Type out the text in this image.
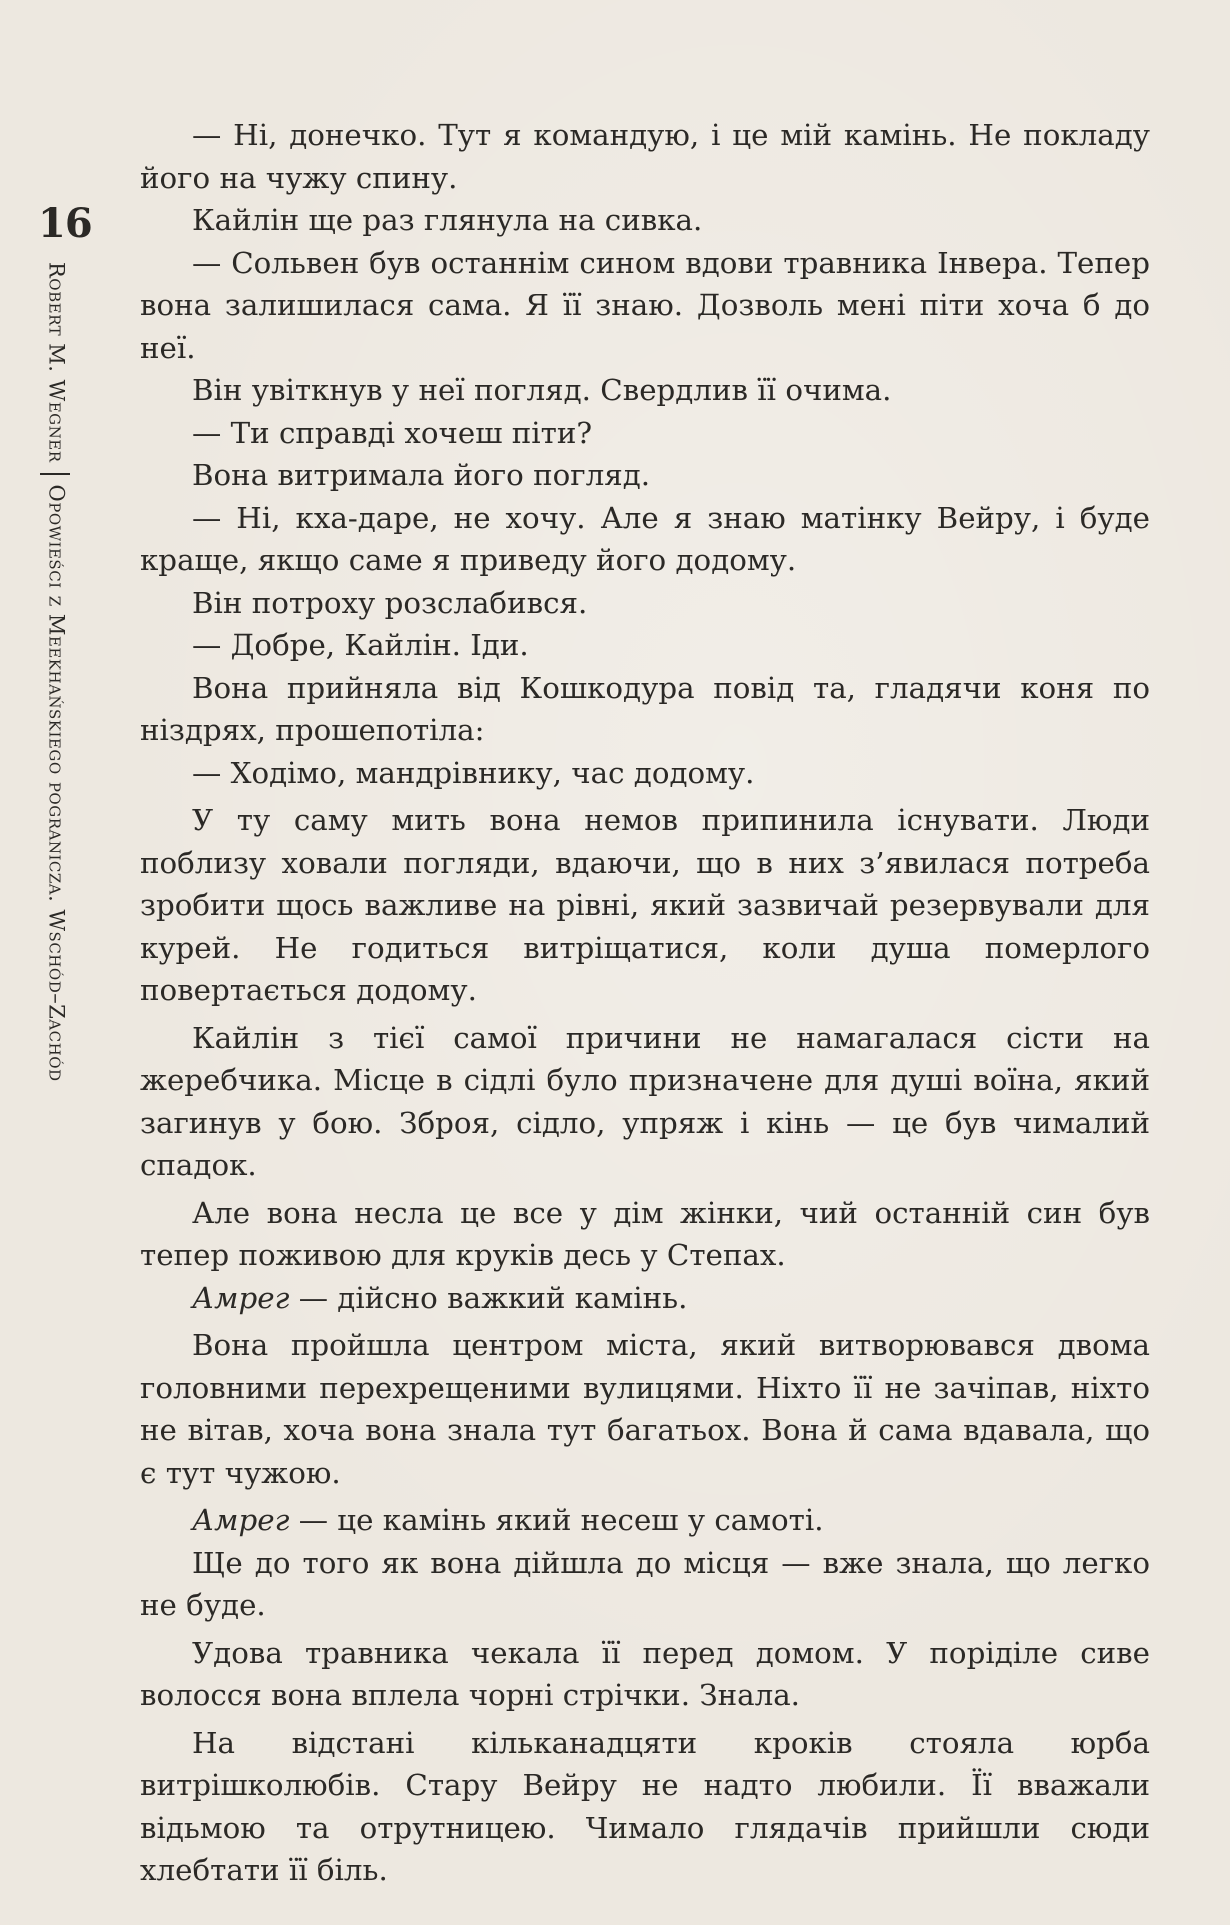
16
Robert M. WegnerOpowieści z Meekhańskiego pogranicza. Wschód–Zachód

— Ні, донечко. Тут я командую, і це мій камінь. Не покладу його на чужу спину.

Кайлін ще раз глянула на сивка.

— Сольвен був останнім сином вдови травника Інвера. Тепер вона залишилася сама. Я її знаю. Дозволь мені піти хоча б до неї.

Він увіткнув у неї погляд. Свердлив її очима.

— Ти справді хочеш піти?

Вона витримала його погляд.

— Ні, кха-даре, не хочу. Але я знаю матінку Вейру, і буде краще, якщо саме я приведу його додому.

Він потроху розслабився.

— Добре, Кайлін. Іди.

Вона прийняла від Кошкодура повід та, гладячи коня по ніздрях, прошепотіла:

— Ходімо, мандрівнику, час додому.

У ту саму мить вона немов припинила існувати. Люди поблизу ховали погляди, вдаючи, що в них з’явилася потреба зробити щось важливе на рівні, який зазвичай резервували для курей. Не годиться витріщатися, коли душа померлого повертається додому.

Кайлін з тієї самої причини не намагалася сісти на жеребчика. Місце в сідлі було призначене для душі воїна, який загинув у бою. Зброя, сідло, упряж і кінь — це був чималий спадок.

Але вона несла це все у дім жінки, чий останній син був тепер поживою для круків десь у Степах.

Амрег — дійсно важкий камінь.

Вона пройшла центром міста, який витворювався двома головними перехрещеними вулицями. Ніхто її не зачіпав, ніхто не вітав, хоча вона знала тут багатьох. Вона й сама вдавала, що є тут чужою.

Амрег — це камінь який несеш у самоті.

Ще до того як вона дійшла до місця — вже знала, що легко не буде.

Удова травника чекала її перед домом. У поріділе сиве волосся вона вплела чорні стрічки. Знала.

На відстані кільканадцяти кроків стояла юрба витрішколюбів. Стару Вейру не надто любили. Її вважали відьмою та отрутницею. Чимало глядачів прийшли сюди хлебтати її біль.
